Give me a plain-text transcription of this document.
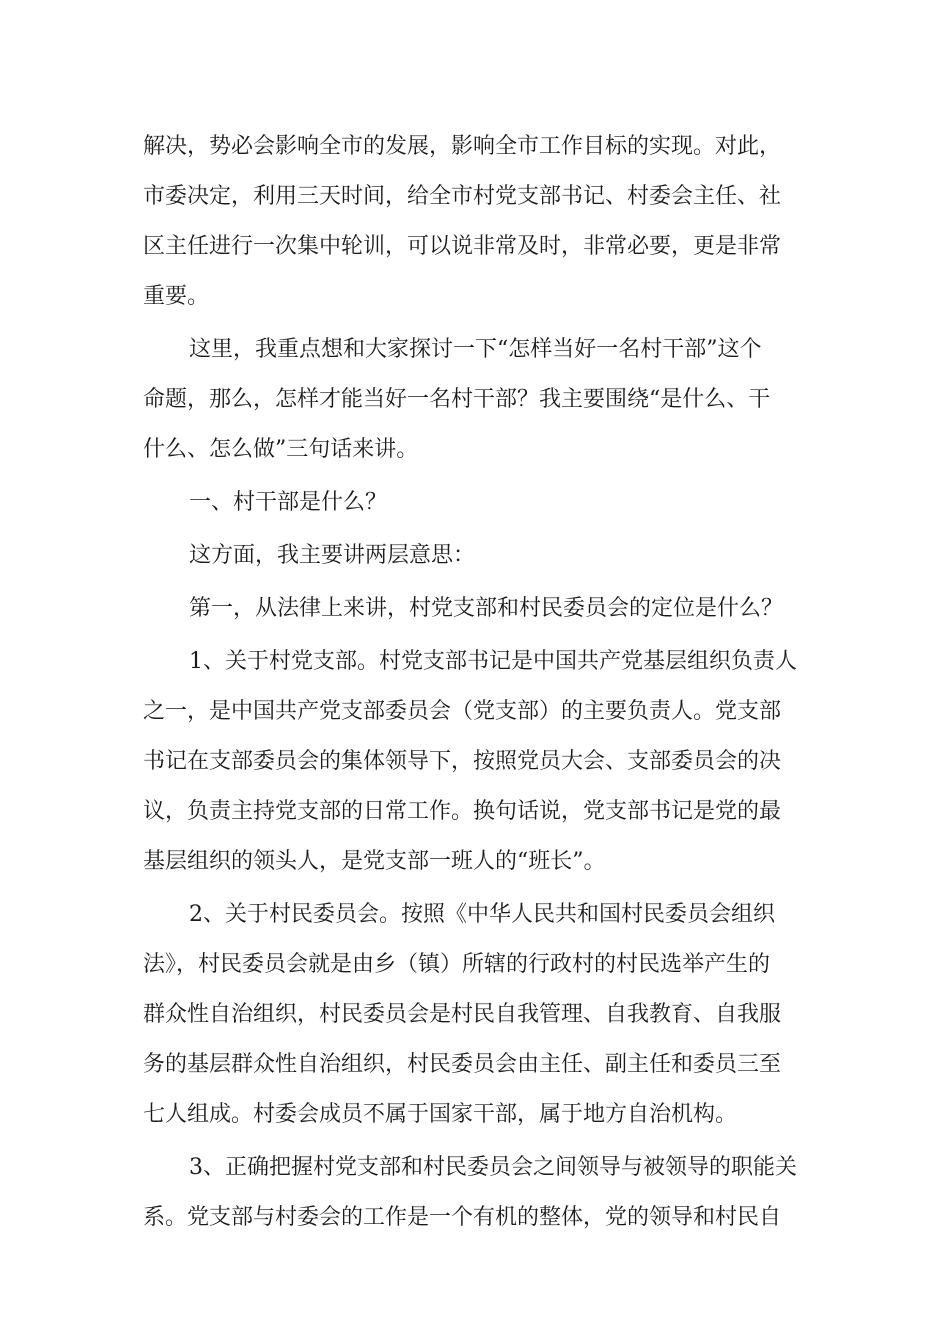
解决，势必会影响全市的发展，影响全市工作目标的实现。对此，
市委决定，利用三天时间，给全市村党支部书记、村委会主任、社
区主任进行一次集中轮训，可以说非常及时，非常必要，更是非常
重要。
这里，我重点想和大家探讨一下“怎样当好一名村干部”这个
命题，那么，怎样才能当好一名村干部？我主要围绕“是什么、干
什么、怎么做”三句话来讲。
一、村干部是什么？
这方面，我主要讲两层意思：
第一，从法律上来讲，村党支部和村民委员会的定位是什么？
1、关于村党支部。村党支部书记是中国共产党基层组织负责人
之一，是中国共产党支部委员会（党支部）的主要负责人。党支部
书记在支部委员会的集体领导下，按照党员大会、支部委员会的决
议，负责主持党支部的日常工作。换句话说，党支部书记是党的最
基层组织的领头人，是党支部一班人的“班长”。
2、关于村民委员会。按照《中华人民共和国村民委员会组织
法》，村民委员会就是由乡（镇）所辖的行政村的村民选举产生的
群众性自治组织，村民委员会是村民自我管理、自我教育、自我服
务的基层群众性自治组织，村民委员会由主任、副主任和委员三至
七人组成。村委会成员不属于国家干部，属于地方自治机构。
3、正确把握村党支部和村民委员会之间领导与被领导的职能关
系。党支部与村委会的工作是一个有机的整体，党的领导和村民自
